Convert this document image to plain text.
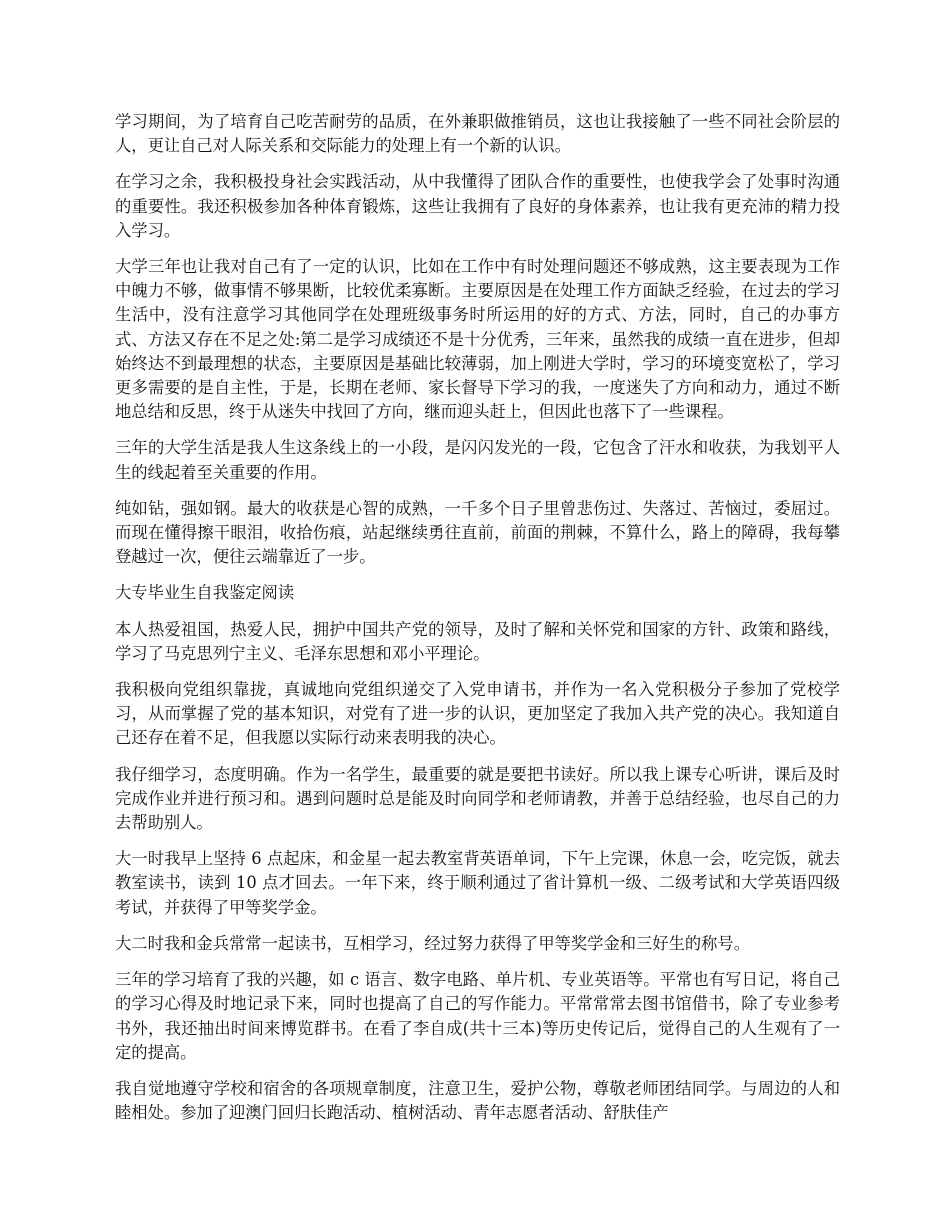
学习期间，为了培育自己吃苦耐劳的品质，在外兼职做推销员，这也让我接触了一些不同社会阶层的人，更让自己对人际关系和交际能力的处理上有一个新的认识。

在学习之余，我积极投身社会实践活动，从中我懂得了团队合作的重要性，也使我学会了处事时沟通的重要性。我还积极参加各种体育锻炼，这些让我拥有了良好的身体素养，也让我有更充沛的精力投入学习。

大学三年也让我对自己有了一定的认识，比如在工作中有时处理问题还不够成熟，这主要表现为工作中魄力不够，做事情不够果断，比较优柔寡断。主要原因是在处理工作方面缺乏经验，在过去的学习生活中，没有注意学习其他同学在处理班级事务时所运用的好的方式、方法，同时，自己的办事方式、方法又存在不足之处:第二是学习成绩还不是十分优秀，三年来，虽然我的成绩一直在进步，但却始终达不到最理想的状态，主要原因是基础比较薄弱，加上刚进大学时，学习的环境变宽松了，学习更多需要的是自主性，于是，长期在老师、家长督导下学习的我，一度迷失了方向和动力，通过不断地总结和反思，终于从迷失中找回了方向，继而迎头赶上，但因此也落下了一些课程。

三年的大学生活是我人生这条线上的一小段，是闪闪发光的一段，它包含了汗水和收获，为我划平人生的线起着至关重要的作用。

纯如钻，强如钢。最大的收获是心智的成熟，一千多个日子里曾悲伤过、失落过、苦恼过，委屈过。而现在懂得擦干眼泪，收拾伤痕，站起继续勇往直前，前面的荆棘，不算什么，路上的障碍，我每攀登越过一次，便往云端靠近了一步。

大专毕业生自我鉴定阅读

本人热爱祖国，热爱人民，拥护中国共产党的领导，及时了解和关怀党和国家的方针、政策和路线，学习了马克思列宁主义、毛泽东思想和邓小平理论。

我积极向党组织靠拢，真诚地向党组织递交了入党申请书，并作为一名入党积极分子参加了党校学习，从而掌握了党的基本知识，对党有了进一步的认识，更加坚定了我加入共产党的决心。我知道自己还存在着不足，但我愿以实际行动来表明我的决心。

我仔细学习，态度明确。作为一名学生，最重要的就是要把书读好。所以我上课专心听讲，课后及时完成作业并进行预习和。遇到问题时总是能及时向同学和老师请教，并善于总结经验，也尽自己的力去帮助别人。

大一时我早上坚持 6 点起床，和金星一起去教室背英语单词，下午上完课，休息一会，吃完饭，就去教室读书，读到 10 点才回去。一年下来，终于顺利通过了省计算机一级、二级考试和大学英语四级考试，并获得了甲等奖学金。

大二时我和金兵常常一起读书，互相学习，经过努力获得了甲等奖学金和三好生的称号。

三年的学习培育了我的兴趣，如 c 语言、数字电路、单片机、专业英语等。平常也有写日记，将自己的学习心得及时地记录下来，同时也提高了自己的写作能力。平常常常去图书馆借书，除了专业参考书外，我还抽出时间来博览群书。在看了李自成(共十三本)等历史传记后，觉得自己的人生观有了一定的提高。

我自觉地遵守学校和宿舍的各项规章制度，注意卫生，爱护公物，尊敬老师团结同学。与周边的人和睦相处。参加了迎澳门回归长跑活动、植树活动、青年志愿者活动、舒肤佳产
